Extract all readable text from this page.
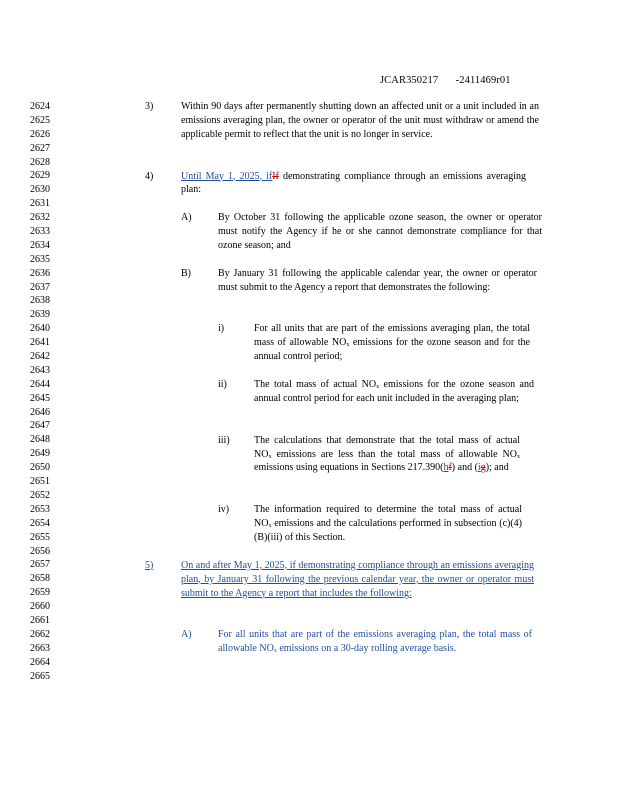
JCAR350217 -2411469r01
2624
2625
2626
2627
2628
2629
2630
2631
2632
2633
2634
2635
2636
2637
2638
2639
2640
2641
2642
2643
2644
2645
2646
2647
2648
2649
2650
2651
2652
2653
2654
2655
2656
2657
2658
2659
2660
2661
2662
2663
2664
2665
3)	Within 90 days after permanently shutting down an affected unit or a unit included in an emissions averaging plan, the owner or operator of the unit must withdraw or amend the applicable permit to reflect that the unit is no longer in service.
4)	Until May 1, 2025, ifIf demonstrating compliance through an emissions averaging plan:
A)	By October 31 following the applicable ozone season, the owner or operator must notify the Agency if he or she cannot demonstrate compliance for that ozone season; and
B)	By January 31 following the applicable calendar year, the owner or operator must submit to the Agency a report that demonstrates the following:
i)	For all units that are part of the emissions averaging plan, the total mass of allowable $NO_x$ emissions for the ozone season and for the annual control period;
ii)	The total mass of actual $NO_x$ emissions for the ozone season and annual control period for each unit included in the averaging plan;
iii) The calculations that demonstrate that the total mass of actual $NO_x$ emissions are less than the total mass of allowable $NO_x$ emissions using equations in Sections 217.390(hf) and (ig); and
iv) The information required to determine the total mass of actual $NO_x$ emissions and the calculations performed in subsection (c)(4)(B)(iii) of this Section.
5)	On and after May 1, 2025, if demonstrating compliance through an emissions averaging plan, by January 31 following the previous calendar year, the owner or operator must submit to the Agency a report that includes the following:
A)	For all units that are part of the emissions averaging plan, the total mass of allowable $NO_x$ emissions on a 30-day rolling average basis.
